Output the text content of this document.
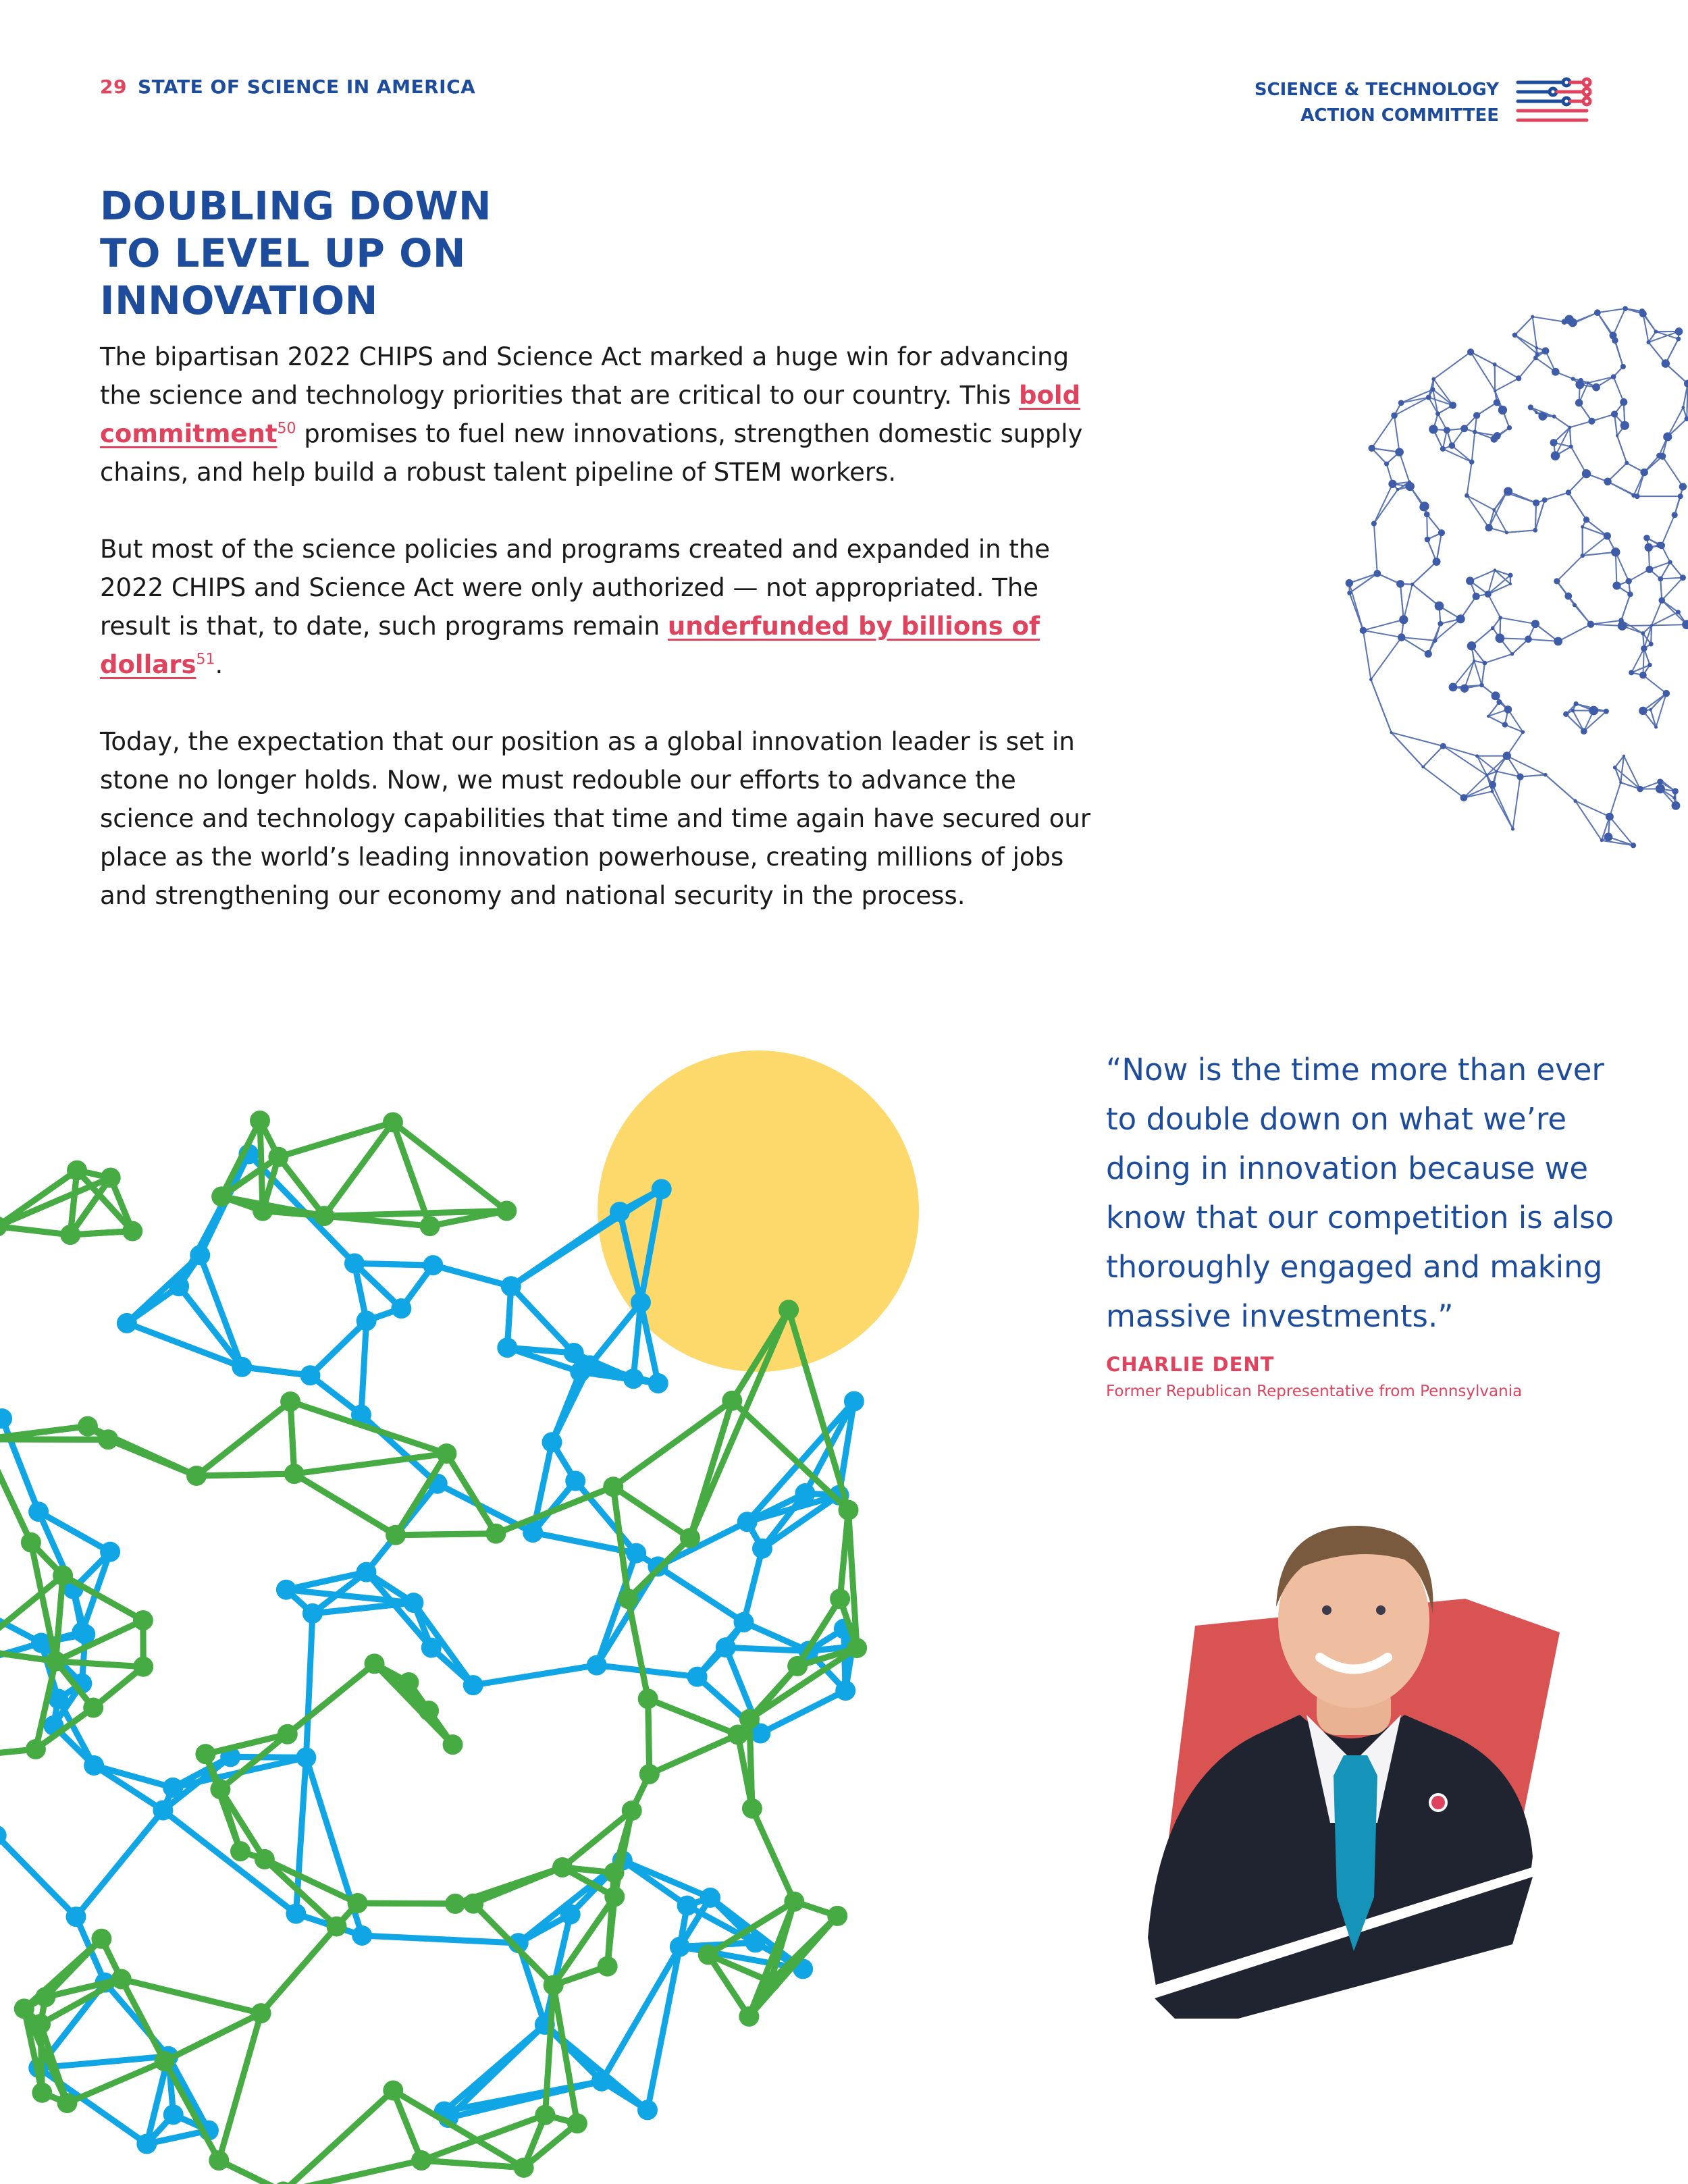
29 STATE OF SCIENCE IN AMERICA	SCIENCE & TECHNOLOGY
ACTION COMMITTEE
DOUBLING DOWN
TO LEVEL UP ON
INNOVATION

The bipartisan 2022 CHIPS and Science Act marked a huge win for advancing the science and technology priorities that are critical to our country. This bold commitment$^{50}$ promises to fuel new innovations, strengthen domestic supply chains, and help build a robust talent pipeline of STEM workers.

But most of the science policies and programs created and expanded in the 2022 CHIPS and Science Act were only authorized — not appropriated. The result is that, to date, such programs remain underfunded by billions of dollars$^{51}$.

Today, the expectation that our position as a global innovation leader is set in stone no longer holds. Now, we must redouble our efforts to advance the science and technology capabilities that time and time again have secured our place as the world’s leading innovation powerhouse, creating millions of jobs and strengthening our economy and national security in the process.

“Now is the time more than ever to double down on what we’re doing in innovation because we know that our competition is also thoroughly engaged and making massive investments.”
CHARLIE DENT
Former Republican Representative from Pennsylvania
